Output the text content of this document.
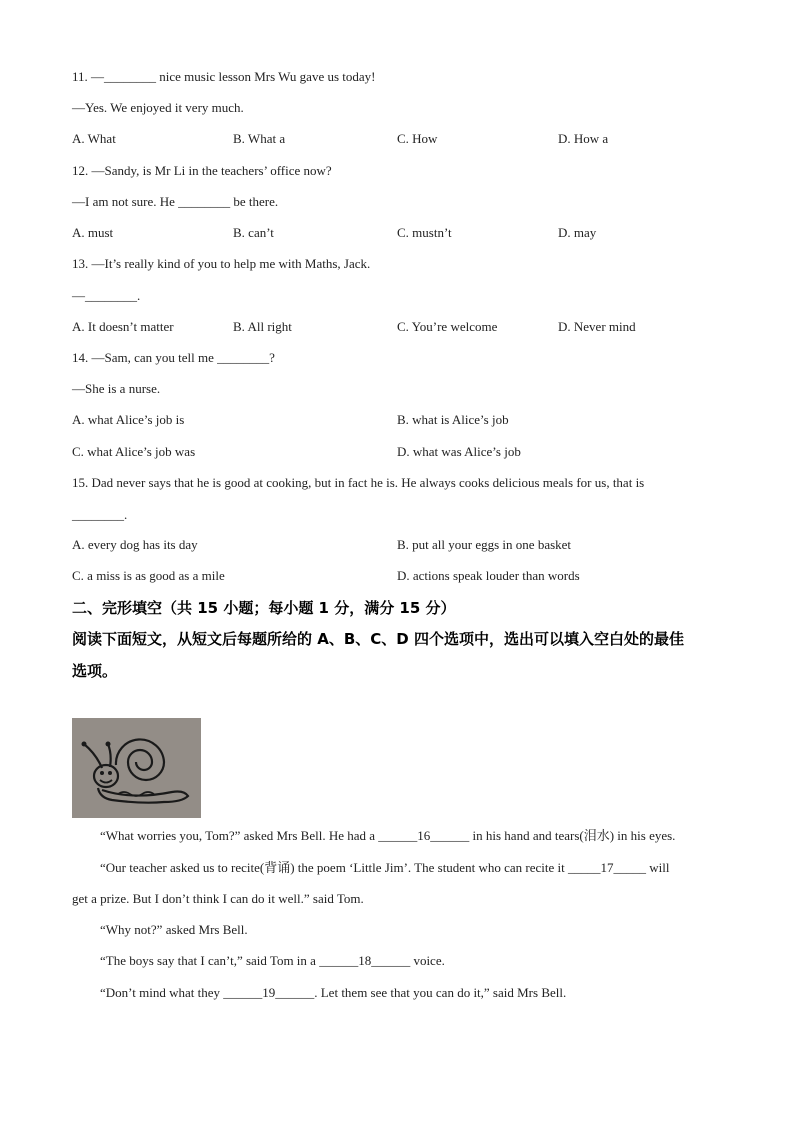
11. —________ nice music lesson Mrs Wu gave us today!
—Yes. We enjoyed it very much.
A. What	B. What a	C. How	D. How a
12. —Sandy, is Mr Li in the teachers’ office now?
—I am not sure. He ________ be there.
A. must	B. can’t	C. mustn’t	D. may
13. —It’s really kind of you to help me with Maths, Jack.
—________.
A. It doesn’t matter	B. All right	C. You’re welcome	D. Never mind
14. —Sam, can you tell me ________?
—She is a nurse.
A. what Alice’s job is	B. what is Alice’s job
C. what Alice’s job was	D. what was Alice’s job
15. Dad never says that he is good at cooking, but in fact he is. He always cooks delicious meals for us, that is
________.
A. every dog has its day	B. put all your eggs in one basket
C. a miss is as good as a mile	D. actions speak louder than words
二、完形填空（共 15 小题；每小题 1 分，满分 15 分）
阅读下面短文，从短文后每题所给的 A、B、C、D 四个选项中，选出可以填入空白处的最佳
选项。
“What worries you, Tom?” asked Mrs Bell. He had a ______16______ in his hand and tears(泪水) in his eyes.
“Our teacher asked us to recite(背诵) the poem ‘Little Jim’. The student who can recite it _____17_____ will
get a prize. But I don’t think I can do it well.” said Tom.
“Why not?” asked Mrs Bell.
“The boys say that I can’t,” said Tom in a ______18______ voice.
“Don’t mind what they ______19______. Let them see that you can do it,” said Mrs Bell.
